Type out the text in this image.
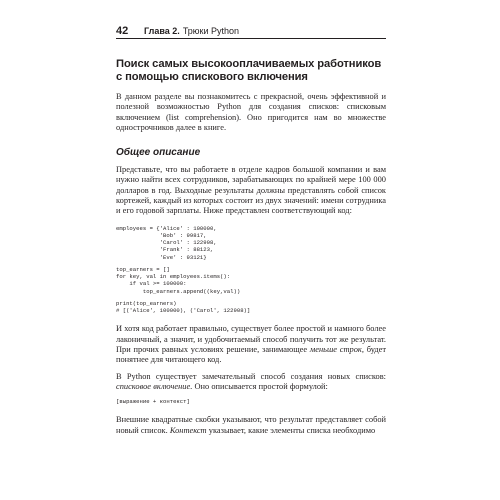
42	Глава 2. Трюки Python
Поиск самых высокооплачиваемых работников с помощью спискового включения

В данном разделе вы познакомитесь с прекрасной, очень эффективной и полезной возможностью Python для создания списков: списковым включением (list comprehension). Оно пригодится нам во множестве однострочников далее в книге.

Общее описание

Представьте, что вы работаете в отделе кадров большой компании и вам нужно найти всех сотрудников, зарабатывающих по крайней мере 100 000 долларов в год. Выходные результаты должны представлять собой список кортежей, каждый из которых состоит из двух значений: имени сотрудника и его годовой зарплаты. Ниже представлен соответствующий код:

employees = {'Alice' : 100000,
'Bob' : 99817,
'Carol' : 122908,
'Frank' : 88123,
'Eve' : 93121}
top_earners = []
for key, val in employees.items():
if val >= 100000:
top_earners.append((key,val))
print(top_earners)
# [('Alice', 100000), ('Carol', 122908)]

И хотя код работает правильно, существует более простой и намного более лаконичный, а значит, и удобочитаемый способ получить тот же результат. При прочих равных условиях решение, занимающее меньше строк, будет понятнее для читающего код.

В Python существует замечательный способ создания новых списков: списковое включение. Оно описывается простой формулой:

[выражение + контекст]

Внешние квадратные скобки указывают, что результат представляет собой новый список. Контекст указывает, какие элементы списка необходимо
